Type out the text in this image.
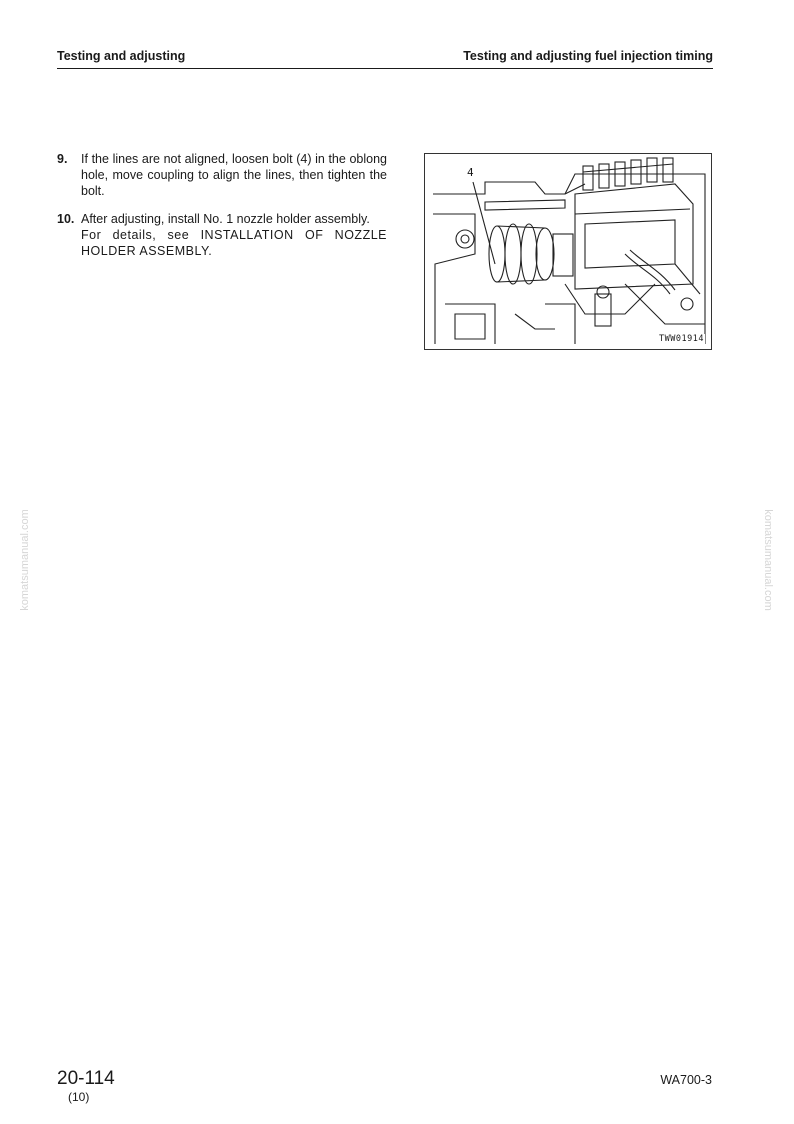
Testing and adjusting	Testing and adjusting fuel injection timing
9. If the lines are not aligned, loosen bolt (4) in the oblong hole, move coupling to align the lines, then tighten the bolt.
10. After adjusting, install No. 1 nozzle holder assembly.
For details, see INSTALLATION OF NOZZLE HOLDER ASSEMBLY.
4
TWW01914
komatsumanual.com	komatsumanual.com
20-114
(10)
WA700-3
